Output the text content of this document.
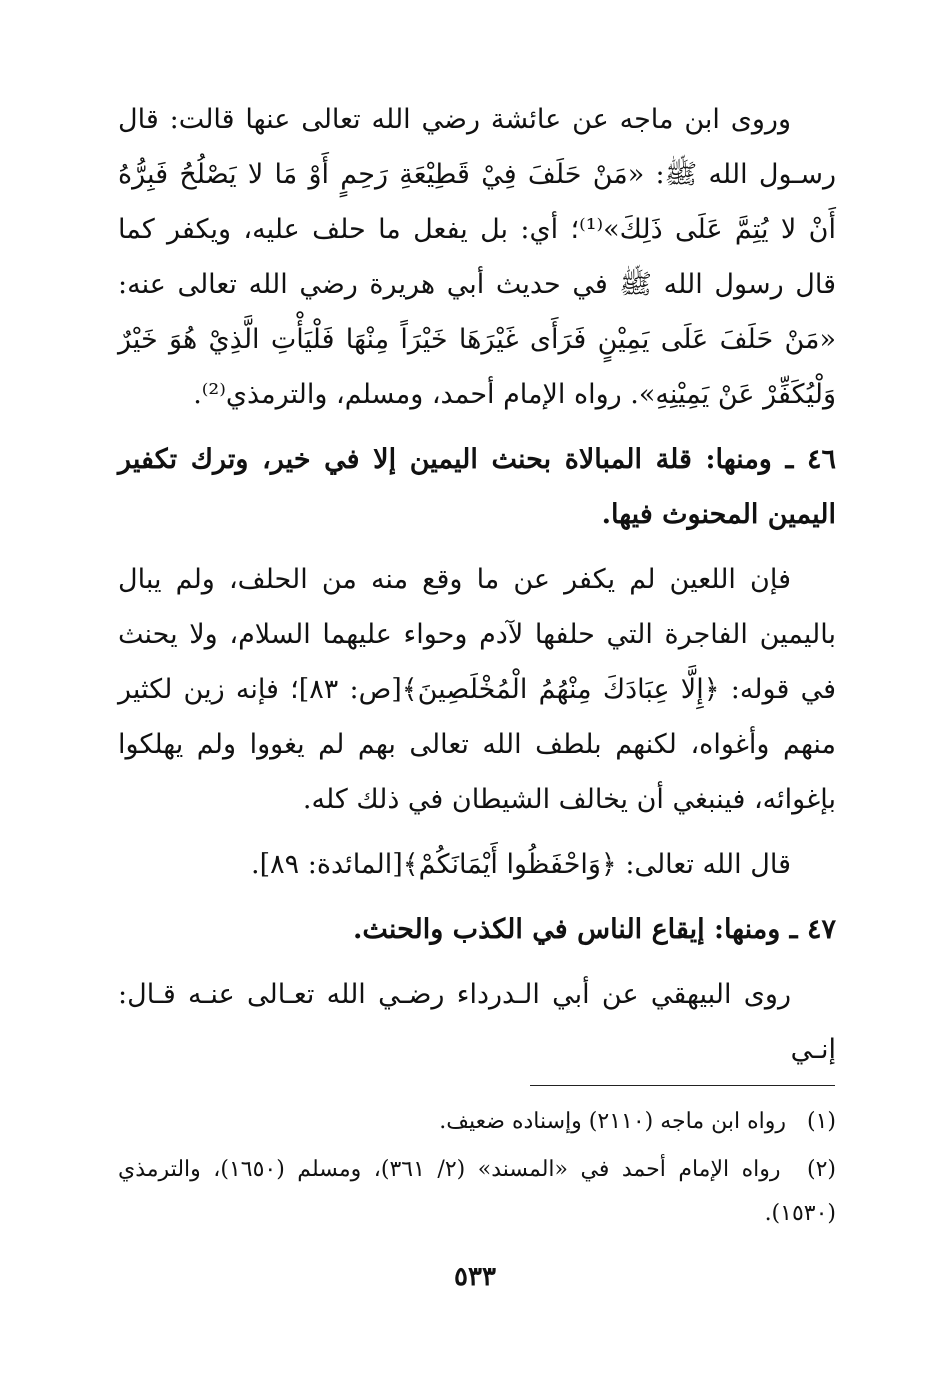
وروى ابن ماجه عن عائشة رضي الله تعالى عنها قالت: قال رسـول الله ﷺ: «مَنْ حَلَفَ فِيْ قَطِيْعَةِ رَحِمٍ أَوْ مَا لا يَصْلُحُ فَبِرُّهُ أَنْ لا يُتِمَّ عَلَى ذَلِكَ»⁽¹⁾؛ أي: بل يفعل ما حلف عليه، ويكفر كما قال رسول الله ﷺ في حديث أبي هريرة رضي الله تعالى عنه: «مَنْ حَلَفَ عَلَى يَمِيْنٍ فَرَأَى غَيْرَهَا خَيْرَاً مِنْهَا فَلْيَأْتِ الَّذِيْ هُوَ خَيْرٌ وَلْيُكَفِّرْ عَنْ يَمِيْنِهِ». رواه الإمام أحمد، ومسلم، والترمذي⁽²⁾.

٤٦ ـ ومنها: قلة المبالاة بحنث اليمين إلا في خير، وترك تكفير اليمين المحنوث فيها.

فإن اللعين لم يكفر عن ما وقع منه من الحلف، ولم يبال باليمين الفاجرة التي حلفها لآدم وحواء عليهما السلام، ولا يحنث في قوله: ﴿إِلَّا عِبَادَكَ مِنْهُمُ الْمُخْلَصِينَ﴾[ص: ٨٣]؛ فإنه زين لكثير منهم وأغواه، لكنهم بلطف الله تعالى بهم لم يغووا ولم يهلكوا بإغوائه، فينبغي أن يخالف الشيطان في ذلك كله.

قال الله تعالى: ﴿وَاحْفَظُوا أَيْمَانَكُمْ﴾[المائدة: ٨٩].

٤٧ ـ ومنها: إيقاع الناس في الكذب والحنث.

روى البيهقي عن أبي الـدرداء رضـي الله تعـالى عنـه قـال: إنـي

(١) رواه ابن ماجه (٢١١٠) وإسناده ضعيف.

(٢) رواه الإمام أحمد في «المسند» (٢/ ٣٦١)، ومسلم (١٦٥٠)، والترمذي (١٥٣٠).

٥٣٣
